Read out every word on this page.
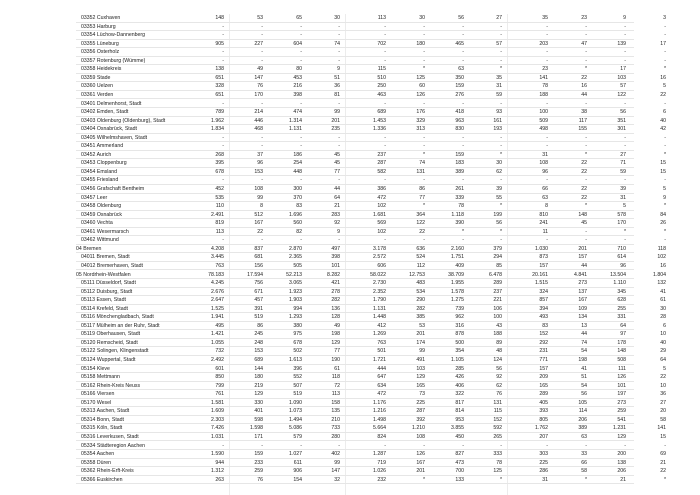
03352 Cuxhaven	148	53	65	30	113	30	56	27	35	23	9	3
03353 Harburg	-	-	-	-	-	-	-	-	-	-	-	-
03354 Lüchow-Dannenberg	-	-	-	-	-	-	-	-	-	-	-	-
03355 Lüneburg	905	227	604	74	702	180	465	57	203	47	139	17
03356 Osterholz	-	-	-	-	-	-	-	-	-	-	-	-
03357 Rotenburg (Wümme)	-	-	-	-	-	-	-	-	-	-	-	-
03358 Heidekreis	138	49	80	9	115	*	63	*	23	*	17	*
03359 Stade	651	147	453	51	510	125	350	35	141	22	103	16
03360 Uelzen	328	76	216	36	250	60	159	31	78	16	57	5
03361 Verden	651	170	398	81	463	126	276	59	188	44	122	22
03401 Delmenhorst, Stadt	-	-	-	-	-	-	-	-	-	-	-	-
03402 Emden, Stadt	789	214	474	99	689	176	418	93	100	38	56	6
03403 Oldenburg (Oldenburg), Stadt	1.962	446	1.314	201	1.453	329	963	161	509	117	351	40
03404 Osnabrück, Stadt	1.834	468	1.131	235	1.336	313	830	193	498	155	301	42
03405 Wilhelmshaven, Stadt	-	-	-	-	-	-	-	-	-	-	-	-
03451 Ammerland	-	-	-	-	-	-	-	-	-	-	-	-
03452 Aurich	268	37	186	45	237	*	159	*	31	*	27	*
03453 Cloppenburg	395	96	254	45	287	74	183	30	108	22	71	15
03454 Emsland	678	153	448	77	582	131	389	62	96	22	59	15
03455 Friesland	-	-	-	-	-	-	-	-	-	-	-	-
03456 Grafschaft Bentheim	452	108	300	44	386	86	261	39	66	22	39	5
03457 Leer	535	99	370	64	472	77	339	55	63	22	31	9
03458 Oldenburg	110	8	83	21	102	*	78	*	8	*	5	*
03459 Osnabrück	2.491	512	1.696	283	1.681	364	1.118	199	810	148	578	84
03460 Vechta	819	167	560	92	569	122	390	56	241	45	170	26
03461 Wesermarsch	113	22	82	9	102	22	*	*	11	-	*	*
03462 Wittmund	-	-	-	-	-	-	-	-	-	-	-	-
04 Bremen	4.208	837	2.870	497	3.178	636	2.160	379	1.030	201	710	118
04011 Bremen, Stadt	3.445	681	2.365	398	2.572	524	1.751	294	873	157	614	102
04012 Bremerhaven, Stadt	763	156	505	101	606	112	409	85	157	44	96	16
05 Nordrhein-Westfalen	78.183	17.594	52.213	8.282	58.022	12.753	38.709	6.478	20.161	4.841	13.504	1.804
05111 Düsseldorf, Stadt	4.245	756	3.065	421	2.730	483	1.955	289	1.515	273	1.110	132
05112 Duisburg, Stadt	2.676	671	1.923	278	2.352	534	1.578	237	324	137	345	41
05113 Essen, Stadt	2.647	457	1.903	282	1.790	290	1.275	221	857	167	628	61
05114 Krefeld, Stadt	1.525	391	994	136	1.131	282	739	106	394	109	255	30
05116 Mönchengladbach, Stadt	1.941	519	1.293	128	1.448	385	962	100	493	134	331	28
05117 Mülheim an der Ruhr, Stadt	495	86	380	49	412	53	316	43	83	13	64	6
05119 Oberhausen, Stadt	1.421	245	975	198	1.269	201	878	188	152	44	97	10
05120 Remscheid, Stadt	1.055	248	678	129	763	174	500	89	292	74	178	40
05122 Solingen, Klingenstadt	732	153	502	77	501	99	354	48	231	54	148	29
05124 Wuppertal, Stadt	2.492	689	1.613	190	1.721	491	1.105	124	771	198	508	64
05154 Kleve	601	144	396	61	444	103	285	56	157	41	111	5
05158 Mettmann	850	180	552	118	647	129	426	92	209	51	126	22
05162 Rhein-Kreis Neuss	799	219	507	72	634	165	406	62	165	54	101	10
05166 Viersen	761	129	519	113	472	73	322	76	289	56	197	36
05170 Wesel	1.581	330	1.090	158	1.176	225	817	131	405	105	273	27
05313 Aachen, Stadt	1.609	401	1.073	135	1.216	287	814	115	393	114	259	20
05314 Bonn, Stadt	2.303	598	1.494	210	1.498	392	953	152	805	206	541	58
05315 Köln, Stadt	7.426	1.598	5.086	733	5.664	1.210	3.855	592	1.762	389	1.231	141
05316 Leverkusen, Stadt	1.031	171	579	280	824	108	450	265	207	63	129	15
05334 Städteregion Aachen	-	-	-	-	-	-	-	-	-	-	-	-
05354 Aachen	1.590	159	1.027	402	1.287	126	827	333	303	33	200	69
05358 Düren	944	233	611	99	719	167	473	78	225	66	138	21
05362 Rhein-Erft-Kreis	1.312	259	906	147	1.026	201	700	125	286	58	206	22
05366 Euskirchen	263	76	154	32	232	*	133	*	31	*	21	*
